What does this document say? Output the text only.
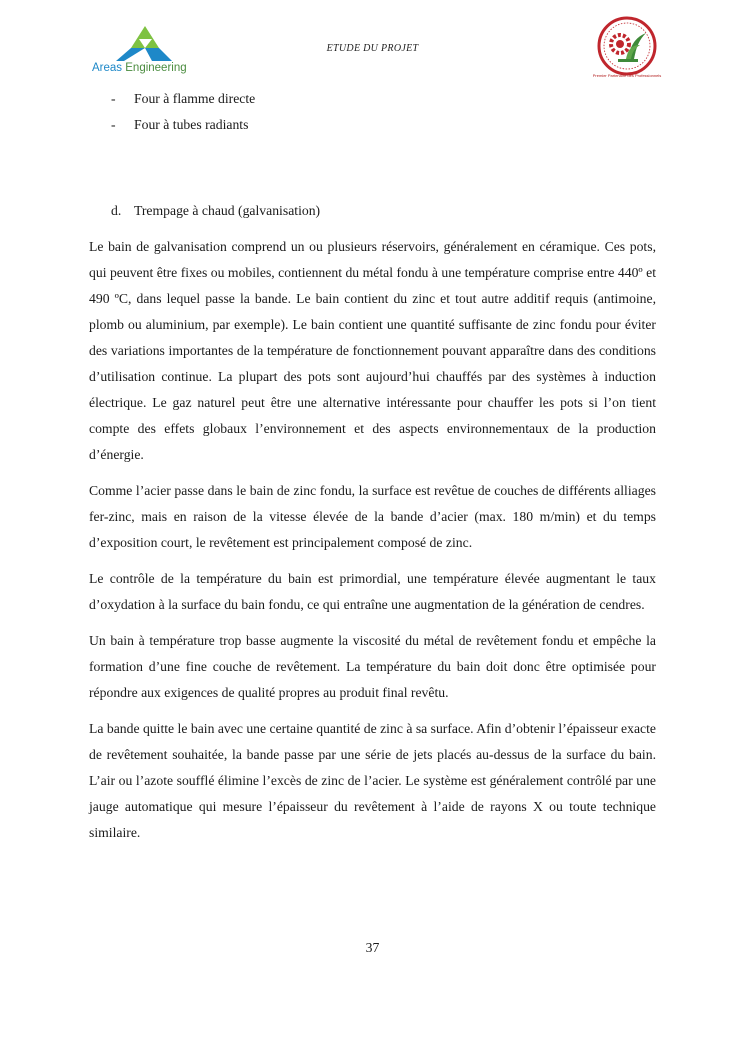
Areas Engineering
ETUDE DU PROJET
Premier Partenaire des Professionnels
- Four à flamme directe
- Four à tubes radiants
d. Trempage à chaud (galvanisation)

Le bain de galvanisation comprend un ou plusieurs réservoirs, généralement en céramique. Ces pots, qui peuvent être fixes ou mobiles, contiennent du métal fondu à une température comprise entre 440º et 490 ºC, dans lequel passe la bande. Le bain contient du zinc et tout autre additif requis (antimoine, plomb ou aluminium, par exemple). Le bain contient une quantité suffisante de zinc fondu pour éviter des variations importantes de la température de fonctionnement pouvant apparaître dans des conditions d’utilisation continue. La plupart des pots sont aujourd’hui chauffés par des systèmes à induction électrique. Le gaz naturel peut être une alternative intéressante pour chauffer les pots si l’on tient compte des effets globaux l’environnement et des aspects environnementaux de la production d’énergie.

Comme l’acier passe dans le bain de zinc fondu, la surface est revêtue de couches de différents alliages fer-zinc, mais en raison de la vitesse élevée de la bande d’acier (max. 180 m/min) et du temps d’exposition court, le revêtement est principalement composé de zinc.

Le contrôle de la température du bain est primordial, une température élevée augmentant le taux d’oxydation à la surface du bain fondu, ce qui entraîne une augmentation de la génération de cendres.

Un bain à température trop basse augmente la viscosité du métal de revêtement fondu et empêche la formation d’une fine couche de revêtement. La température du bain doit donc être optimisée pour répondre aux exigences de qualité propres au produit final revêtu.

La bande quitte le bain avec une certaine quantité de zinc à sa surface. Afin d’obtenir l’épaisseur exacte de revêtement souhaitée, la bande passe par une série de jets placés au-dessus de la surface du bain. L’air ou l’azote soufflé élimine l’excès de zinc de l’acier. Le système est généralement contrôlé par une jauge automatique qui mesure l’épaisseur du revêtement à l’aide de rayons X ou toute technique similaire.

37
